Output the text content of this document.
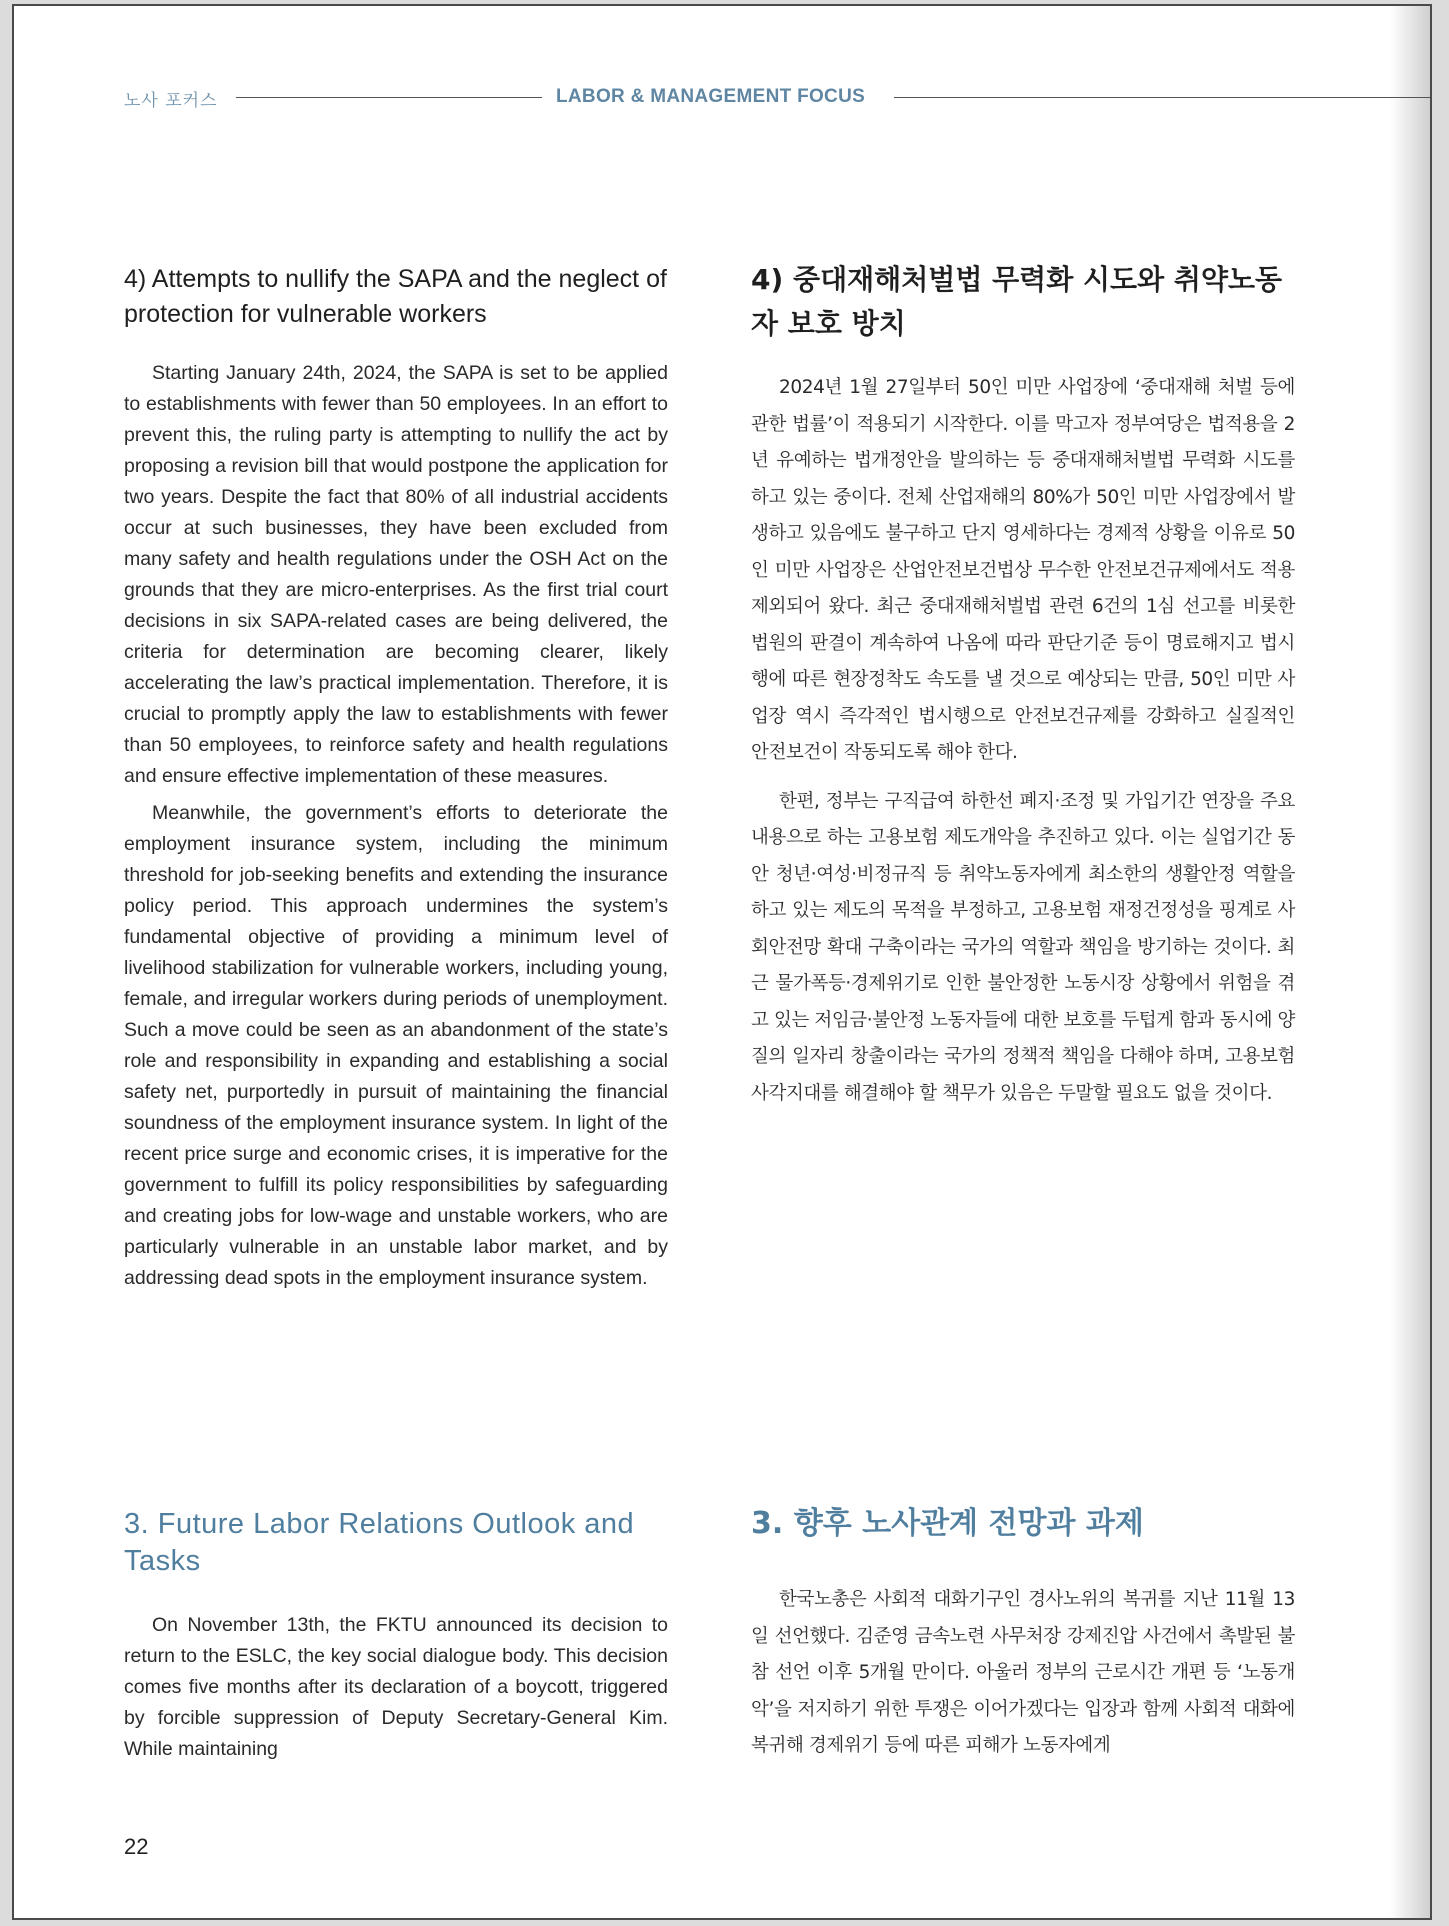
노사 포커스	LABOR & MANAGEMENT FOCUS
4) Attempts to nullify the SAPA and the neglect of protection for vulnerable workers

Starting January 24th, 2024, the SAPA is set to be applied to establishments with fewer than 50 employees. In an effort to prevent this, the ruling party is attempting to nullify the act by proposing a revision bill that would postpone the application for two years. Despite the fact that 80% of all industrial accidents occur at such businesses, they have been excluded from many safety and health regulations under the OSH Act on the grounds that they are micro-enterprises. As the first trial court decisions in six SAPA-related cases are being delivered, the criteria for determination are becoming clearer, likely accelerating the law’s practical implementation. Therefore, it is crucial to promptly apply the law to establishments with fewer than 50 employees, to reinforce safety and health regulations and ensure effective implementation of these measures.

Meanwhile, the government’s efforts to deteriorate the employment insurance system, including the minimum threshold for job-seeking benefits and extending the insurance policy period. This approach undermines the system’s fundamental objective of providing a minimum level of livelihood stabilization for vulnerable workers, including young, female, and irregular workers during periods of unemployment. Such a move could be seen as an abandonment of the state’s role and responsibility in expanding and establishing a social safety net, purportedly in pursuit of maintaining the financial soundness of the employment insurance system. In light of the recent price surge and economic crises, it is imperative for the government to fulfill its policy responsibilities by safeguarding and creating jobs for low-wage and unstable workers, who are particularly vulnerable in an unstable labor market, and by addressing dead spots in the employment insurance system.

4) 중대재해처벌법 무력화 시도와 취약노동자 보호 방치

2024년 1월 27일부터 50인 미만 사업장에 ‘중대재해 처벌 등에 관한 법률’이 적용되기 시작한다. 이를 막고자 정부여당은 법적용을 2년 유예하는 법개정안을 발의하는 등 중대재해처벌법 무력화 시도를 하고 있는 중이다. 전체 산업재해의 80%가 50인 미만 사업장에서 발생하고 있음에도 불구하고 단지 영세하다는 경제적 상황을 이유로 50인 미만 사업장은 산업안전보건법상 무수한 안전보건규제에서도 적용제외되어 왔다. 최근 중대재해처벌법 관련 6건의 1심 선고를 비롯한 법원의 판결이 계속하여 나옴에 따라 판단기준 등이 명료해지고 법시행에 따른 현장정착도 속도를 낼 것으로 예상되는 만큼, 50인 미만 사업장 역시 즉각적인 법시행으로 안전보건규제를 강화하고 실질적인 안전보건이 작동되도록 해야 한다.

한편, 정부는 구직급여 하한선 폐지·조정 및 가입기간 연장을 주요 내용으로 하는 고용보험 제도개악을 추진하고 있다. 이는 실업기간 동안 청년·여성·비정규직 등 취약노동자에게 최소한의 생활안정 역할을 하고 있는 제도의 목적을 부정하고, 고용보험 재정건정성을 핑계로 사회안전망 확대 구축이라는 국가의 역할과 책임을 방기하는 것이다. 최근 물가폭등·경제위기로 인한 불안정한 노동시장 상황에서 위험을 겪고 있는 저임금·불안정 노동자들에 대한 보호를 두텁게 함과 동시에 양질의 일자리 창출이라는 국가의 정책적 책임을 다해야 하며, 고용보험 사각지대를 해결해야 할 책무가 있음은 두말할 필요도 없을 것이다.

3. Future Labor Relations Outlook and Tasks

On November 13th, the FKTU announced its decision to return to the ESLC, the key social dialogue body. This decision comes five months after its declaration of a boycott, triggered by forcible suppression of Deputy Secretary-General Kim. While maintaining

3. 향후 노사관계 전망과 과제

한국노총은 사회적 대화기구인 경사노위의 복귀를 지난 11월 13일 선언했다. 김준영 금속노련 사무처장 강제진압 사건에서 촉발된 불참 선언 이후 5개월 만이다. 아울러 정부의 근로시간 개편 등 ‘노동개악’을 저지하기 위한 투쟁은 이어가겠다는 입장과 함께 사회적 대화에 복귀해 경제위기 등에 따른 피해가 노동자에게

22
